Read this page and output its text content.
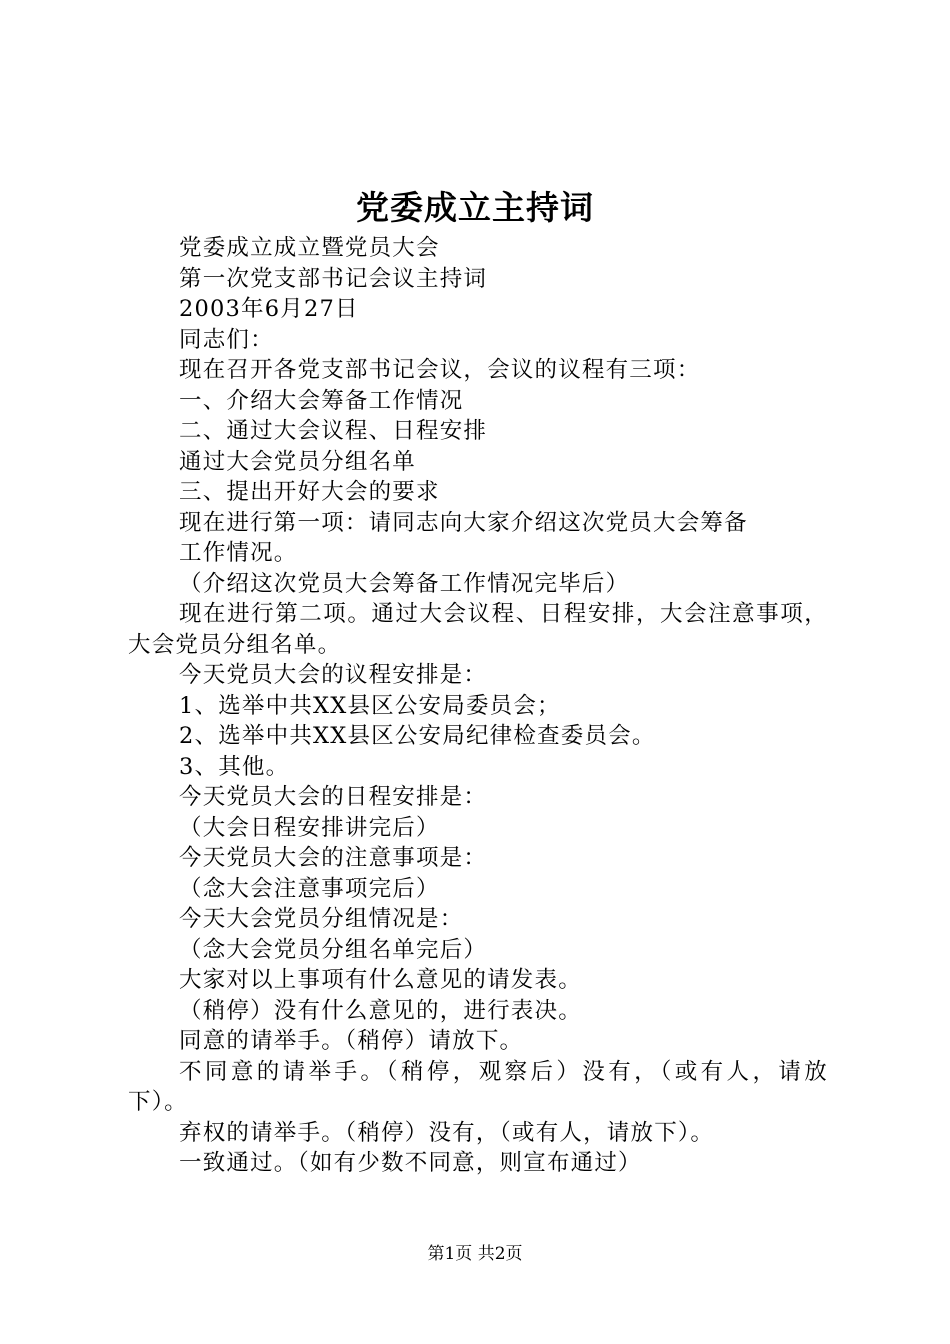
党委成立主持词

党委成立成立暨党员大会

第一次党支部书记会议主持词

2003年6月27日

同志们：

现在召开各党支部书记会议，会议的议程有三项：

一、介绍大会筹备工作情况

二、通过大会议程、日程安排

通过大会党员分组名单

三、提出开好大会的要求

现在进行第一项：请同志向大家介绍这次党员大会筹备

工作情况。

（介绍这次党员大会筹备工作情况完毕后）

现在进行第二项。通过大会议程、日程安排，大会注意事项，大会党员分组名单。

今天党员大会的议程安排是：

1、选举中共XX县区公安局委员会；

2、选举中共XX县区公安局纪律检查委员会。

3、其他。

今天党员大会的日程安排是：

（大会日程安排讲完后）

今天党员大会的注意事项是：

（念大会注意事项完后）

今天大会党员分组情况是：

（念大会党员分组名单完后）

大家对以上事项有什么意见的请发表。

（稍停）没有什么意见的，进行表决。

同意的请举手。（稍停）请放下。

不同意的请举手。（稍停，观察后）没有，（或有人，请放下）。

弃权的请举手。（稍停）没有，（或有人，请放下）。

一致通过。（如有少数不同意，则宣布通过）

第1页 共2页
